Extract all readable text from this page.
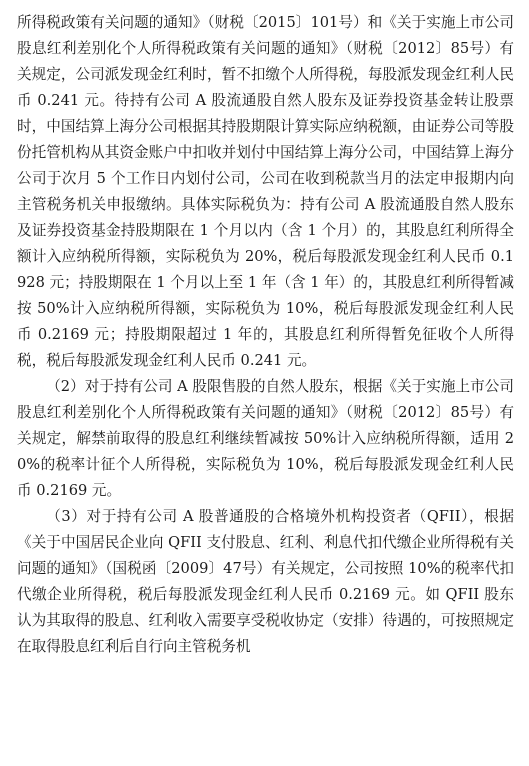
所得税政策有关问题的通知》（财税〔2015〕101号）和《关于实施上市公司股息红利差别化个人所得税政策有关问题的通知》（财税〔2012〕85号）有关规定，公司派发现金红利时，暂不扣缴个人所得税，每股派发现金红利人民币 0.241 元。待持有公司 A 股流通股自然人股东及证券投资基金转让股票时，中国结算上海分公司根据其持股期限计算实际应纳税额，由证券公司等股份托管机构从其资金账户中扣收并划付中国结算上海分公司，中国结算上海分公司于次月 5 个工作日内划付公司，公司在收到税款当月的法定申报期内向主管税务机关申报缴纳。具体实际税负为：持有公司 A 股流通股自然人股东及证券投资基金持股期限在 1 个月以内（含 1 个月）的，其股息红利所得全额计入应纳税所得额，实际税负为 20%，税后每股派发现金红利人民币 0.1928 元；持股期限在 1 个月以上至 1 年（含 1 年）的，其股息红利所得暂减按 50%计入应纳税所得额，实际税负为 10%，税后每股派发现金红利人民币 0.2169 元；持股期限超过 1 年的，其股息红利所得暂免征收个人所得税，税后每股派发现金红利人民币 0.241 元。

（2）对于持有公司 A 股限售股的自然人股东，根据《关于实施上市公司股息红利差别化个人所得税政策有关问题的通知》（财税〔2012〕85号）有关规定，解禁前取得的股息红利继续暂减按 50%计入应纳税所得额，适用 20%的税率计征个人所得税，实际税负为 10%，税后每股派发现金红利人民币 0.2169 元。

（3）对于持有公司 A 股普通股的合格境外机构投资者（QFII），根据《关于中国居民企业向 QFII 支付股息、红利、利息代扣代缴企业所得税有关问题的通知》（国税函〔2009〕47号）有关规定，公司按照 10%的税率代扣代缴企业所得税，税后每股派发现金红利人民币 0.2169 元。如 QFII 股东认为其取得的股息、红利收入需要享受税收协定（安排）待遇的，可按照规定在取得股息红利后自行向主管税务机
